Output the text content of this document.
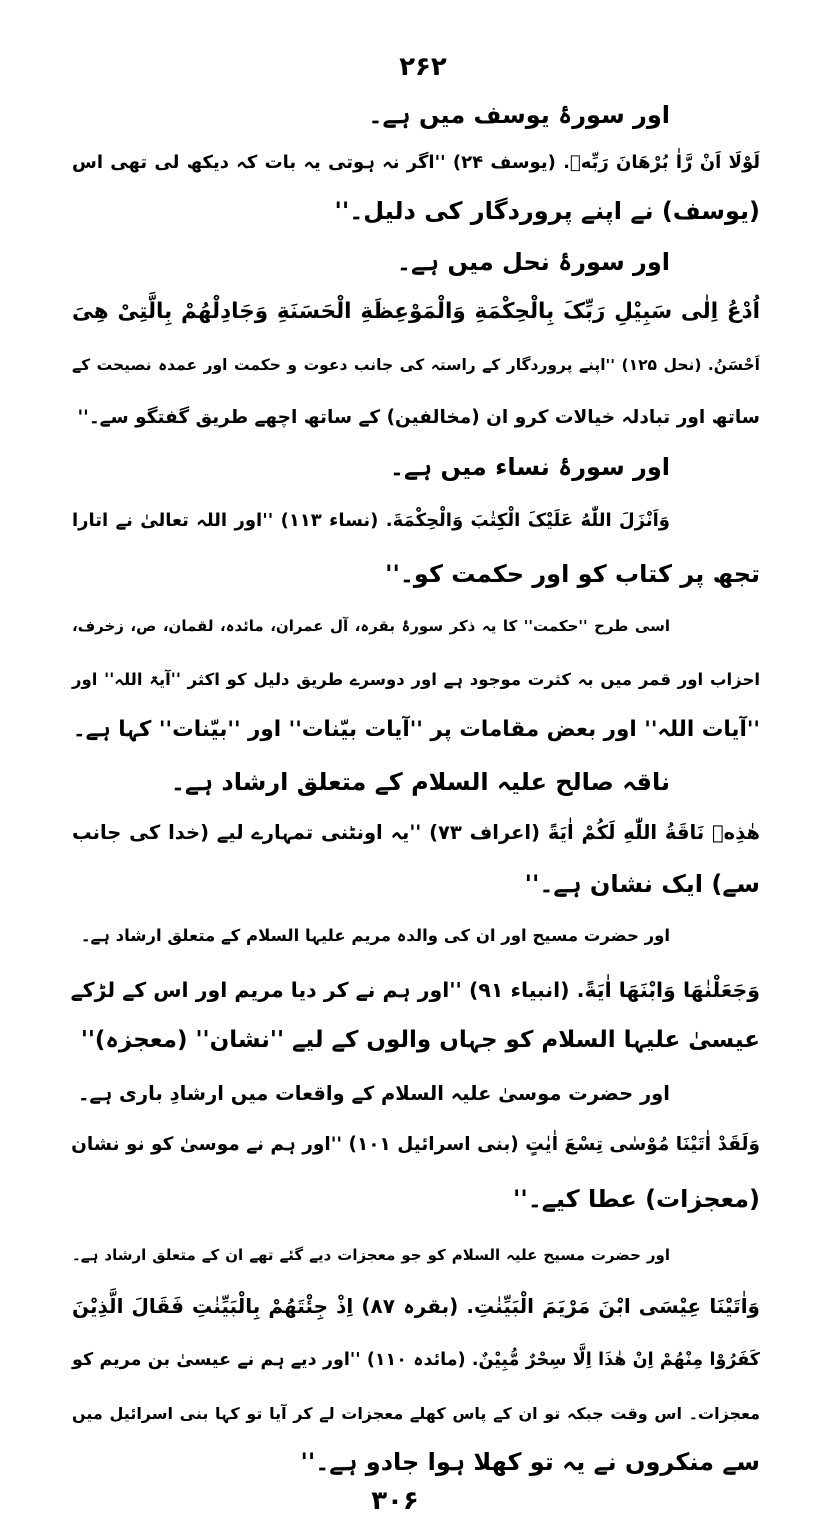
۲۶۲
اور سورۂ یوسف میں ہے۔
لَوْلَا اَنْ رَّاٰ بُرْهَانَ رَبِّهٖ. (یوسف ۲۴) ''اگر نہ ہوتی یہ بات کہ دیکھ لی تھی اس
(یوسف) نے اپنے پروردگار کی دلیل۔''
اور سورۂ نحل میں ہے۔
اُدْعُ اِلٰی سَبِیْلِ رَبِّکَ بِالْحِکْمَةِ وَالْمَوْعِظَةِ الْحَسَنَةِ وَجَادِلْهُمْ بِالَّتِیْ هِیَ
اَحْسَنُ. (نحل ۱۲۵) ''اپنے پروردگار کے راستہ کی جانب دعوت و حکمت اور عمدہ نصیحت کے
ساتھ اور تبادلہ خیالات کرو ان (مخالفین) کے ساتھ اچھے طریق گفتگو سے۔''
اور سورۂ نساء میں ہے۔
وَاَنْزَلَ اللّٰهُ عَلَیْکَ الْکِتٰبَ وَالْحِکْمَةَ. (نساء ۱۱۳) ''اور اللہ تعالیٰ نے اتارا
تجھ پر کتاب کو اور حکمت کو۔''
اسی طرح ''حکمت'' کا یہ ذکر سورۂ بقرہ، آل عمران، مائدہ، لقمان، ص، زخرف،
احزاب اور قمر میں بہ کثرت موجود ہے اور دوسرے طریق دلیل کو اکثر ''آیۃ اللہ'' اور
''آیات اللہ'' اور بعض مقامات پر ''آیات بیّنات'' اور ''بیّنات'' کہا ہے۔
ناقہ صالح علیہ السلام کے متعلق ارشاد ہے۔
هٰذِهٖ نَاقَةُ اللّٰهِ لَکُمْ اٰیَةً (اعراف ۷۳) ''یہ اونٹنی تمہارے لیے (خدا کی جانب
سے) ایک نشان ہے۔''
اور حضرت مسیح اور ان کی والدہ مریم علیہا السلام کے متعلق ارشاد ہے۔
وَجَعَلْنٰهَا وَابْنَهَا اٰیَةً. (انبیاء ۹۱) ''اور ہم نے کر دیا مریم اور اس کے لڑکے
عیسیٰ علیہا السلام کو جہاں والوں کے لیے ''نشان'' (معجزہ)''
اور حضرت موسیٰ علیہ السلام کے واقعات میں ارشادِ باری ہے۔
وَلَقَدْ اٰتَیْنَا مُوْسٰی تِسْعَ اٰیٰتٍ (بنی اسرائیل ۱۰۱) ''اور ہم نے موسیٰ کو نو نشان
(معجزات) عطا کیے۔''
اور حضرت مسیح علیہ السلام کو جو معجزات دیے گئے تھے ان کے متعلق ارشاد ہے۔
وَاٰتَیْنَا عِیْسَی ابْنَ مَرْیَمَ الْبَیِّنٰتِ. (بقرہ ۸۷) اِذْ جِئْتَهُمْ بِالْبَیِّنٰتِ فَقَالَ الَّذِیْنَ
کَفَرُوْا مِنْهُمْ اِنْ هٰذَا اِلَّا سِحْرٌ مُّبِیْنٌ. (مائدہ ۱۱۰) ''اور دیے ہم نے عیسیٰ بن مریم کو
معجزات۔ اس وقت جبکہ تو ان کے پاس کھلے معجزات لے کر آیا تو کہا بنی اسرائیل میں
سے منکروں نے یہ تو کھلا ہوا جادو ہے۔''
۳۰۶
